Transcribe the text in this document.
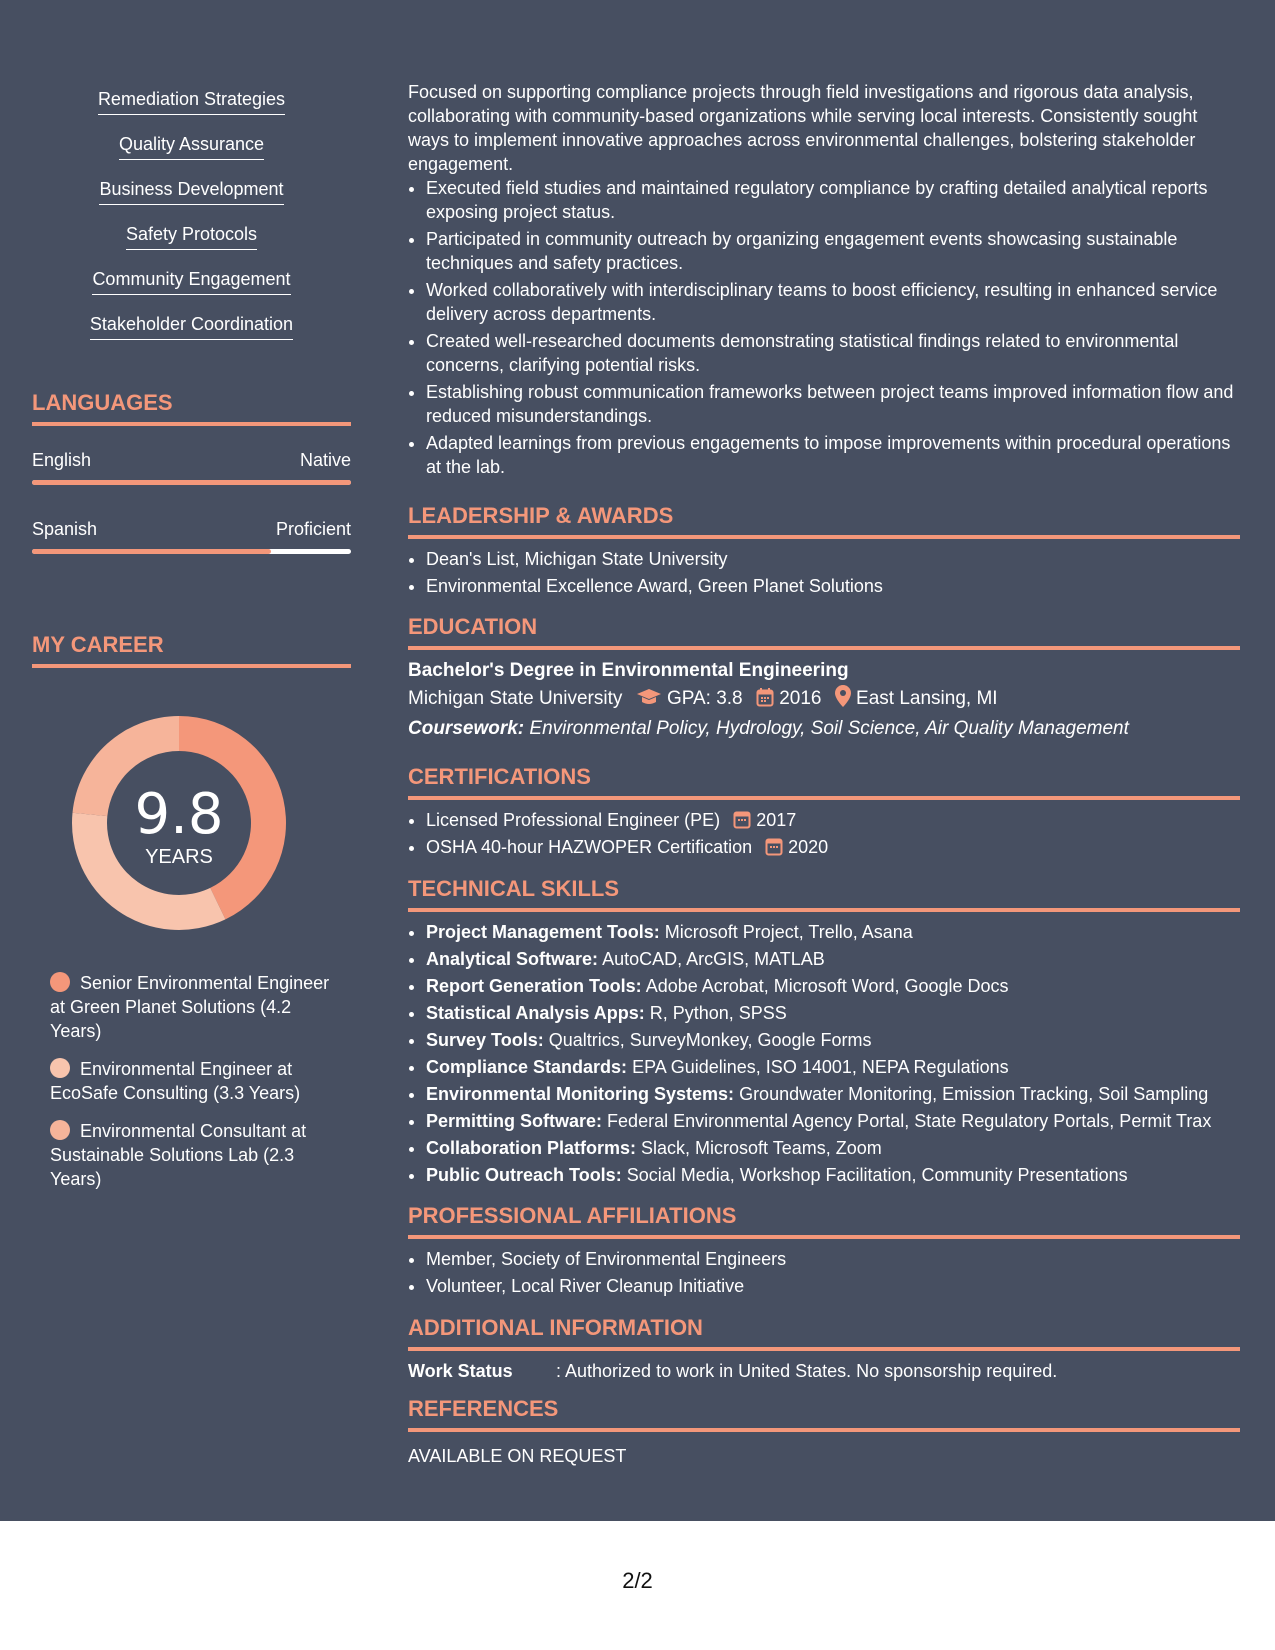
Remediation Strategies
Quality Assurance
Business Development
Safety Protocols
Community Engagement
Stakeholder Coordination
LANGUAGES
English	Native
Spanish	Proficient
MY CAREER
9.8
YEARS
Senior Environmental Engineer at Green Planet Solutions (4.2 Years)
Environmental Engineer at EcoSafe Consulting (3.3 Years)
Environmental Consultant at Sustainable Solutions Lab (2.3 Years)

Focused on supporting compliance projects through field investigations and rigorous data analysis, collaborating with community-based organizations while serving local interests. Consistently sought ways to implement innovative approaches across environmental challenges, bolstering stakeholder engagement.

• Executed field studies and maintained regulatory compliance by crafting detailed analytical reports exposing project status.
• Participated in community outreach by organizing engagement events showcasing sustainable techniques and safety practices.
• Worked collaboratively with interdisciplinary teams to boost efficiency, resulting in enhanced service delivery across departments.
• Created well-researched documents demonstrating statistical findings related to environmental concerns, clarifying potential risks.
• Establishing robust communication frameworks between project teams improved information flow and reduced misunderstandings.
• Adapted learnings from previous engagements to impose improvements within procedural operations at the lab.
LEADERSHIP & AWARDS
• Dean's List, Michigan State University
• Environmental Excellence Award, Green Planet Solutions
EDUCATION
Bachelor's Degree in Environmental Engineering
Michigan State University GPA: 3.8 2016 East Lansing, MI
Coursework: Environmental Policy, Hydrology, Soil Science, Air Quality Management
CERTIFICATIONS
• Licensed Professional Engineer (PE) 2017
• OSHA 40-hour HAZWOPER Certification 2020
TECHNICAL SKILLS
• Project Management Tools: Microsoft Project, Trello, Asana
• Analytical Software: AutoCAD, ArcGIS, MATLAB
• Report Generation Tools: Adobe Acrobat, Microsoft Word, Google Docs
• Statistical Analysis Apps: R, Python, SPSS
• Survey Tools: Qualtrics, SurveyMonkey, Google Forms
• Compliance Standards: EPA Guidelines, ISO 14001, NEPA Regulations
• Environmental Monitoring Systems: Groundwater Monitoring, Emission Tracking, Soil Sampling
• Permitting Software: Federal Environmental Agency Portal, State Regulatory Portals, Permit Trax
• Collaboration Platforms: Slack, Microsoft Teams, Zoom
• Public Outreach Tools: Social Media, Workshop Facilitation, Community Presentations
PROFESSIONAL AFFILIATIONS
• Member, Society of Environmental Engineers
• Volunteer, Local River Cleanup Initiative
ADDITIONAL INFORMATION
Work Status : Authorized to work in United States. No sponsorship required.
REFERENCES
AVAILABLE ON REQUEST
2/2
